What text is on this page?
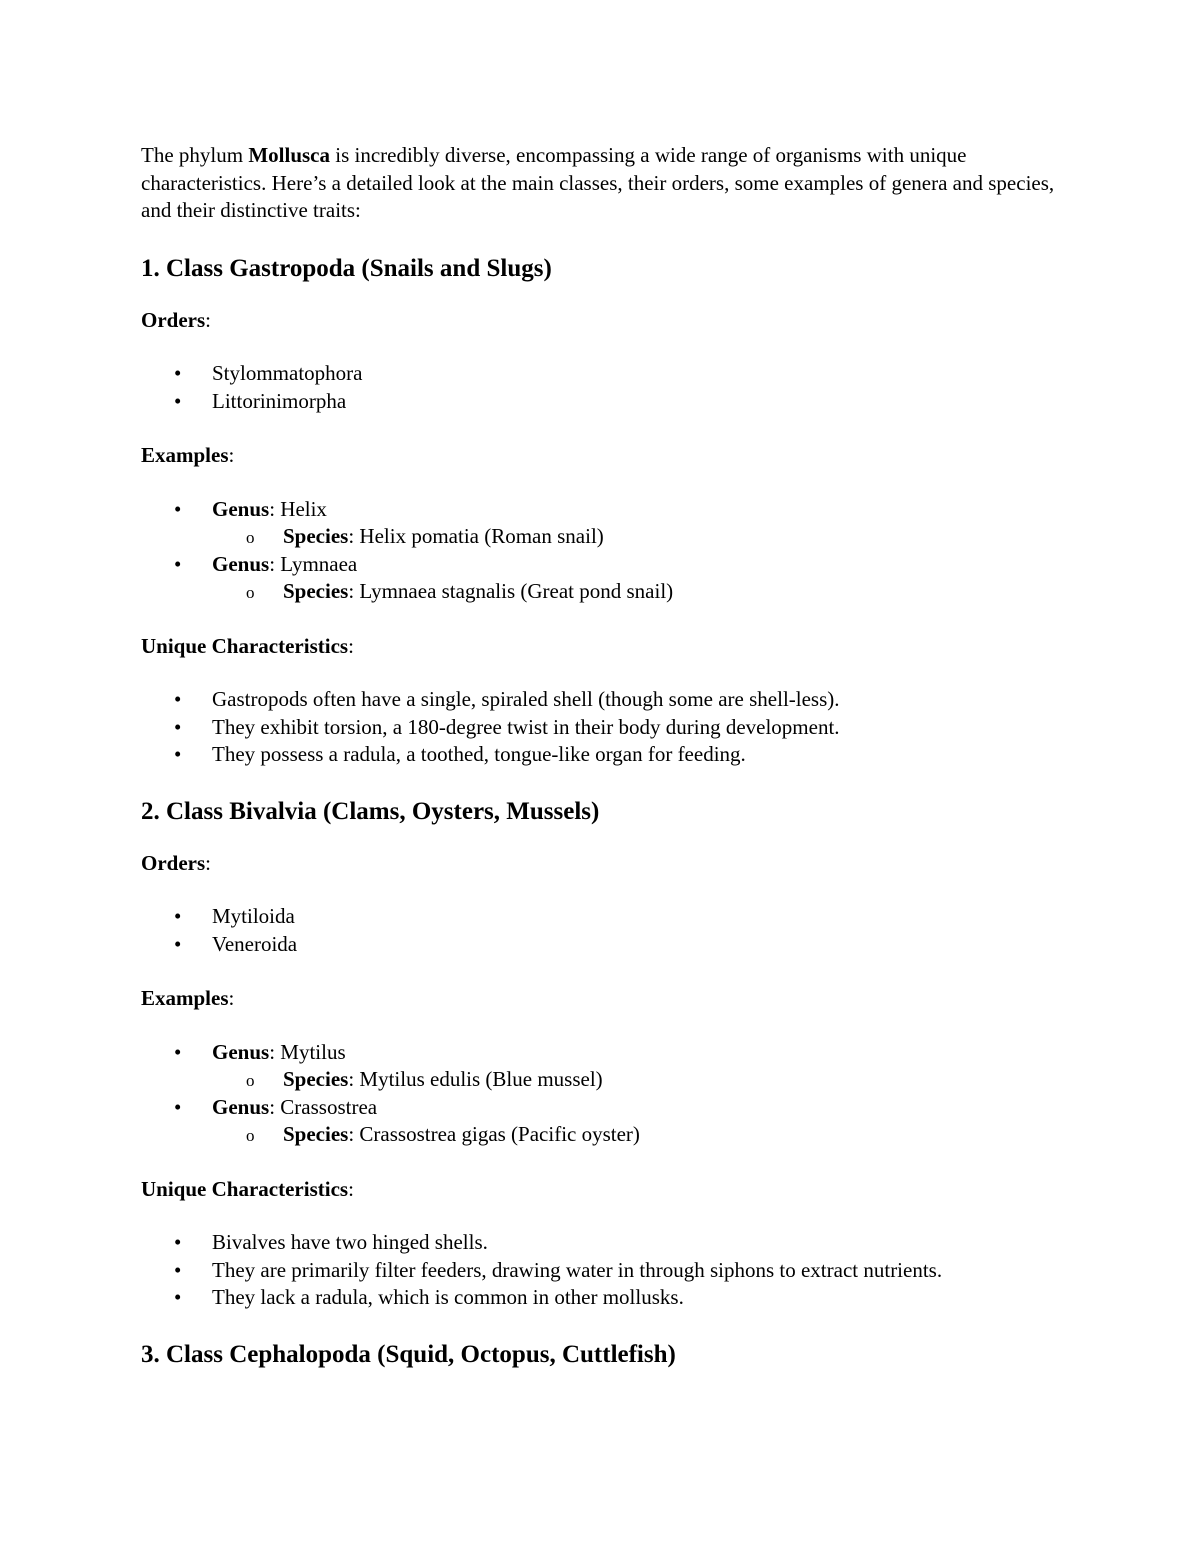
The phylum Mollusca is incredibly diverse, encompassing a wide range of organisms with unique characteristics. Here’s a detailed look at the main classes, their orders, some examples of genera and species, and their distinctive traits:

1. Class Gastropoda (Snails and Slugs)

Orders:

• Stylommatophora
• Littorinimorpha

Examples:

• Genus: Helix
o Species: Helix pomatia (Roman snail)
• Genus: Lymnaea
o Species: Lymnaea stagnalis (Great pond snail)

Unique Characteristics:

• Gastropods often have a single, spiraled shell (though some are shell-less).
• They exhibit torsion, a 180-degree twist in their body during development.
• They possess a radula, a toothed, tongue-like organ for feeding.
2. Class Bivalvia (Clams, Oysters, Mussels)

Orders:

• Mytiloida
• Veneroida

Examples:

• Genus: Mytilus
o Species: Mytilus edulis (Blue mussel)
• Genus: Crassostrea
o Species: Crassostrea gigas (Pacific oyster)

Unique Characteristics:

• Bivalves have two hinged shells.
• They are primarily filter feeders, drawing water in through siphons to extract nutrients.
• They lack a radula, which is common in other mollusks.
3. Class Cephalopoda (Squid, Octopus, Cuttlefish)
